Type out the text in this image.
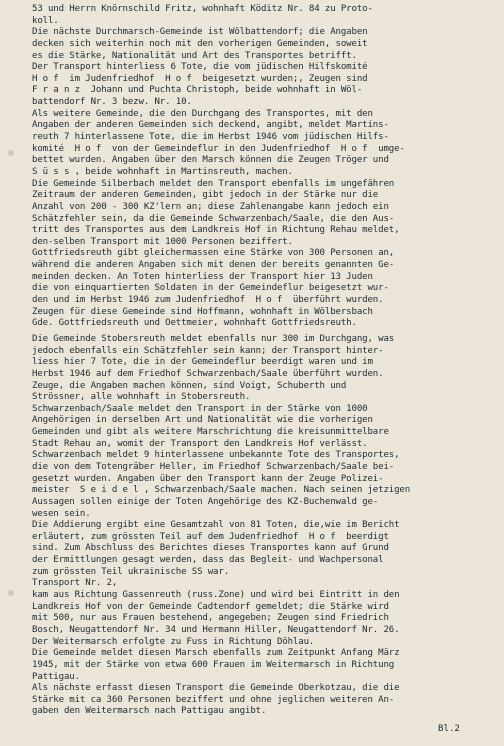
53 und Herrn Knörnschild Fritz, wohnhaft Köditz Nr. 84 zu Proto-
koll.
Die nächste Durchmarsch-Gemeinde ist Wölbattendorf; die Angaben
decken sich weiterhin noch mit den vorherigen Gemeinden, soweit
es die Stärke, Nationalität und Art des Transportes betrifft.
Der Transport hinterliess 6 Tote, die vom jüdischen Hilfskomité
H o f  im Judenfriedhof  H o f  beigesetzt wurden;, Zeugen sind
F r a n z  Johann und Puchta Christoph, beide wohnhaft in Wöl-
battendorf Nr. 3 bezw. Nr. 10.
Als weitere Gemeinde, die den Durchgang des Transportes, mit den
Angaben der anderen Gemeinden sich deckend, angibt, meldet Martins-
reuth 7 hinterlassene Tote, die im Herbst 1946 vom jüdischen Hilfs-
komité  H o f  von der Gemeindeflur in den Judenfriedhof  H o f  umge-
bettet wurden. Angaben über den Marsch können die Zeugen Tröger und
S ü s s , beide wohnhaft in Martinsreuth, machen.
Die Gemeinde Silberbach meldet den Transport ebenfalls im ungefähren
Zeitraum der anderen Gemeinden, gibt jedoch in der Stärke nur die
Anzahl von 200 - 300 KZ'lern an; diese Zahlenangabe kann jedoch ein
Schätzfehler sein, da die Gemeinde Schwarzenbach/Saale, die den Aus-
tritt des Transportes aus dem Landkreis Hof in Richtung Rehau meldet,
den-selben Transport mit 1000 Personen beziffert.
Gottfriedsreuth gibt gleichermassen eine Stärke von 300 Personen an,
während die anderen Angaben sich mit denen der bereits genannten Ge-
meinden decken. An Toten hinterliess der Transport hier 13 Juden
die von einquartierten Soldaten in der Gemeindeflur beigesetzt wur-
den und im Herbst 1946 zum Judenfriedhof  H o f  überführt wurden.
Zeugen für diese Gemeinde sind Hoffmann, wohnhaft in Wölbersbach
Gde. Gottfriedsreuth und Oettmeier, wohnhaft Gottfriedsreuth.
Die Gemeinde Stobersreuth meldet ebenfalls nur 300 im Durchgang, was
jedoch ebenfalls ein Schätzfehler sein kann; der Transport hinter-
liess hier 7 Tote, die in der Gemeindeflur beerdigt waren und im
Herbst 1946 auf dem Friedhof Schwarzenbach/Saale überführt wurden.
Zeuge, die Angaben machen können, sind Voigt, Schuberth und
Strössner, alle wohnhaft in Stobersreuth.
Schwarzenbach/Saale meldet den Transport in der Stärke von 1000
Angehörigen in derselben Art und Nationalität wie die vorherigen
Gemeinden und gibt als weitere Marschrichtung die kreisunmittelbare
Stadt Rehau an, womit der Transport den Landkreis Hof verlässt.
Schwarzenbach meldet 9 hinterlassene unbekannte Tote des Transportes,
die von dem Totengräber Heller, im Friedhof Schwarzenbach/Saale bei-
gesetzt wurden. Angaben über den Transport kann der Zeuge Polizei-
meister  S e i d e l , Schwarzenbach/Saale machen. Nach seinen jetzigen
Aussagen sollen einige der Toten Angehörige des KZ-Buchenwald ge-
wesen sein.
Die Addierung ergibt eine Gesamtzahl von 81 Toten, die,wie im Bericht
erläutert, zum grössten Teil auf dem Judenfriedhof  H o f  beerdigt
sind. Zum Abschluss des Berichtes dieses Transportes kann auf Grund
der Ermittlungen gesagt werden, dass das Begleit- und Wachpersonal
zum grössten Teil ukrainische SS war.
Transport Nr. 2,
kam aus Richtung Gassenreuth (russ.Zone) und wird bei Eintritt in den
Landkreis Hof von der Gemeinde Cadtendorf gemeldet; die Stärke wird
mit 500, nur aus Frauen bestehend, angegeben; Zeugen sind Friedrich
Bosch, Neugattendorf Nr. 34 und Hermann Hiller, Neugattendorf Nr. 26.
Der Weitermarsch erfolgte zu Fuss in Richtung Döhlau.
Die Gemeinde meldet diesen Marsch ebenfalls zum Zeitpunkt Anfang März
1945, mit der Stärke von etwa 600 Frauen im Weitermarsch in Richtung
Pattigau.
Als nächste erfasst diesen Transport die Gemeinde Oberkotzau, die die
Stärke mit ca 360 Personen beziffert und ohne jeglichen weiteren An-
gaben den Weitermarsch nach Pattigau angibt.
Bl.2
